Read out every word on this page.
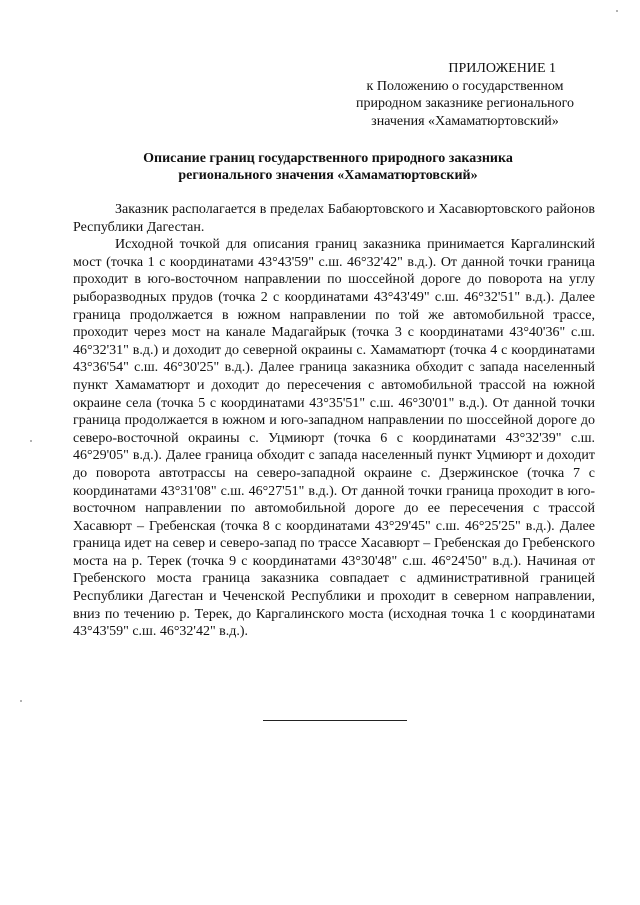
ПРИЛОЖЕНИЕ 1
к Положению о государственном
природном заказнике регионального
значения «Хамаматюртовский»
Описание границ государственного природного заказника
регионального значения «Хамаматюртовский»

Заказник располагается в пределах Бабаюртовского и Хасавюртовского районов Республики Дагестан.

Исходной точкой для описания границ заказника принимается Каргалинский мост (точка 1 с координатами 43°43'59" с.ш. 46°32'42" в.д.). От данной точки граница проходит в юго-восточном направлении по шоссейной дороге до поворота на углу рыборазводных прудов (точка 2 с координатами 43°43'49" с.ш. 46°32'51" в.д.). Далее граница продолжается в южном направлении по той же автомобильной трассе, проходит через мост на канале Мадагайрык (точка 3 с координатами 43°40'36" с.ш. 46°32'31" в.д.) и доходит до северной окраины с. Хамаматюрт (точка 4 с координатами 43°36'54" с.ш. 46°30'25" в.д.). Далее граница заказника обходит с запада населенный пункт Хамаматюрт и доходит до пересечения с автомобильной трассой на южной окраине села (точка 5 с координатами 43°35'51" с.ш. 46°30'01" в.д.). От данной точки граница продолжается в южном и юго-западном направлении по шоссейной дороге до северо-восточной окраины с. Уцмиюрт (точка 6 с координатами 43°32'39" с.ш. 46°29'05" в.д.). Далее граница обходит с запада населенный пункт Уцмиюрт и доходит до поворота автотрассы на северо-западной окраине с. Дзержинское (точка 7 с координатами 43°31'08" с.ш. 46°27'51" в.д.). От данной точки граница проходит в юго-восточном направлении по автомобильной дороге до ее пересечения с трассой Хасавюрт – Гребенская (точка 8 с координатами 43°29'45" с.ш. 46°25'25" в.д.). Далее граница идет на север и северо-запад по трассе Хасавюрт – Гребенская до Гребенского моста на р. Терек (точка 9 с координатами 43°30'48" с.ш. 46°24'50" в.д.). Начиная от Гребенского моста граница заказника совпадает с административной границей Республики Дагестан и Чеченской Республики и проходит в северном направлении, вниз по течению р. Терек, до Каргалинского моста (исходная точка 1 с координатами 43°43'59" с.ш. 46°32'42" в.д.).
